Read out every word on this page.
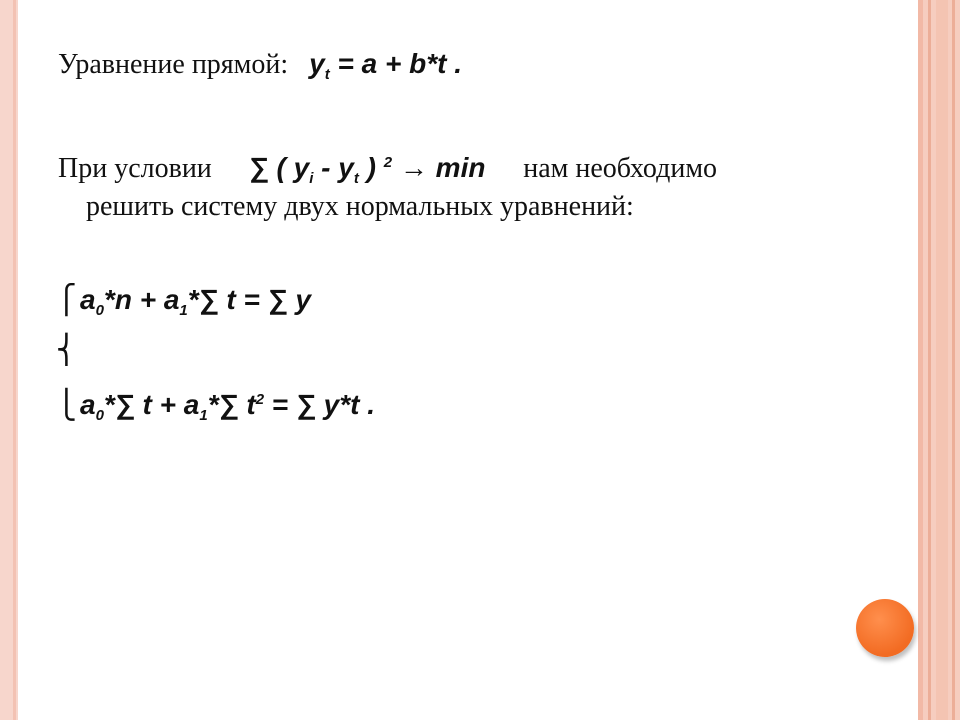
Уравнение прямой: $y_t = a + b*t$ .
При условии ∑ ( $y_i - y_t$ ) $^2$ → min нам необходимо
решить систему двух нормальных уравнений:
⎧ $a_0*n + a_1*\sum$ t = ∑ y
⎨
⎩ $a_0*\sum$ $t + a_1*\sum$ $t^2$ = ∑ y*t .
